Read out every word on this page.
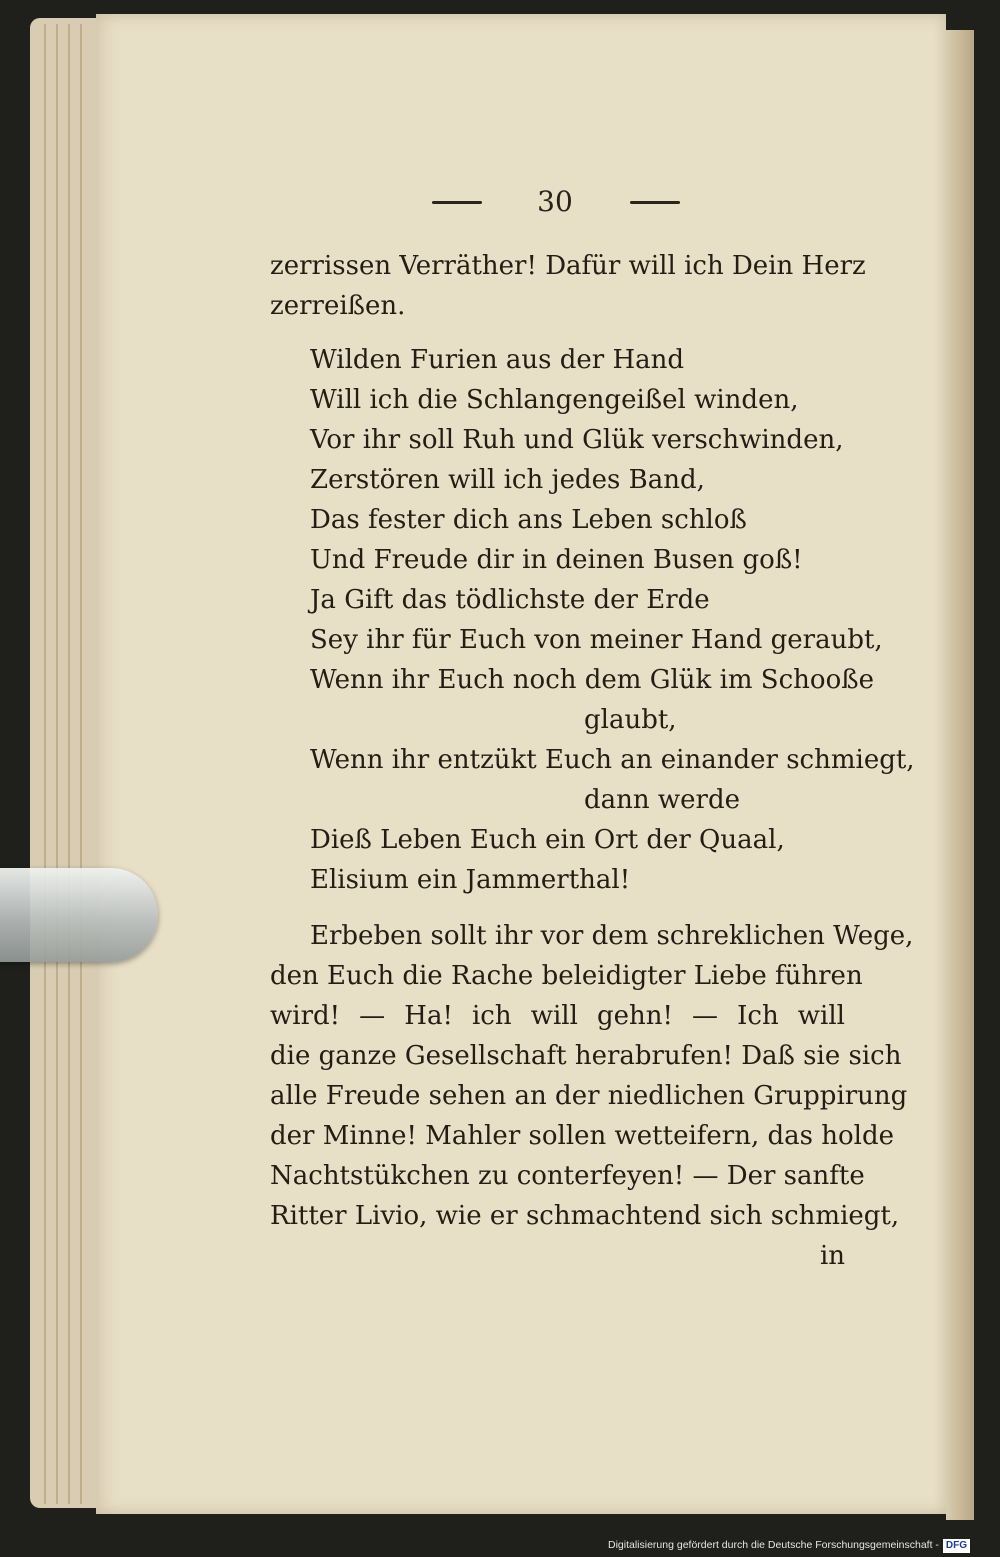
30
zerrissen Verräther! Dafür will ich Dein Herz
zerreißen.
Wilden Furien aus der Hand
Will ich die Schlangengeißel winden,
Vor ihr soll Ruh und Glük verschwinden,
Zerstören will ich jedes Band,
Das fester dich ans Leben schloß
Und Freude dir in deinen Busen goß!
Ja Gift das tödlichste der Erde
Sey ihr für Euch von meiner Hand geraubt,
Wenn ihr Euch noch dem Glük im Schooße
glaubt,
Wenn ihr entzükt Euch an einander schmiegt,
dann werde
Dieß Leben Euch ein Ort der Quaal,
Elisium ein Jammerthal!
Erbeben sollt ihr vor dem schreklichen Wege,
den Euch die Rache beleidigter Liebe führen
wird! — Ha! ich will gehn! — Ich will
die ganze Gesellschaft herabrufen! Daß sie sich
alle Freude sehen an der niedlichen Gruppirung
der Minne! Mahler sollen wetteifern, das holde
Nachtstükchen zu conterfeyen! — Der sanfte
Ritter Livio, wie er schmachtend sich schmiegt,
in
Digitalisierung gefördert durch die Deutsche Forschungsgemeinschaft - DFG
